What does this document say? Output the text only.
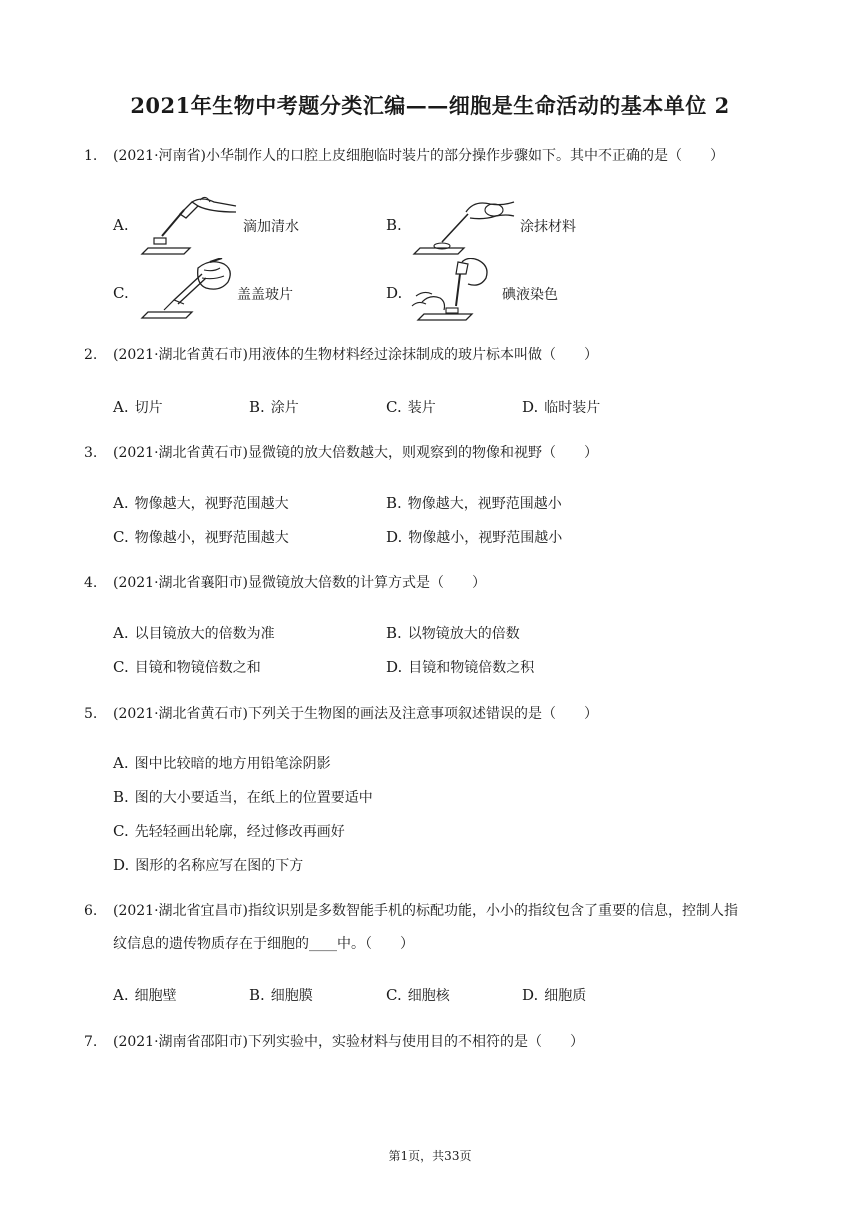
2021年生物中考题分类汇编——细胞是生命活动的基本单位 2
1. (2021·河南省)小华制作人的口腔上皮细胞临时装片的部分操作步骤如下。其中不正确的是（　　）
A.	滴加清水	B.	涂抹材料
C.	盖盖玻片	D.	碘液染色
2. (2021·湖北省黄石市)用液体的生物材料经过涂抹制成的玻片标本叫做（　　）
A. 切片	B. 涂片	C. 装片	D. 临时装片
3. (2021·湖北省黄石市)显微镜的放大倍数越大，则观察到的物像和视野（　　）
A. 物像越大，视野范围越大	B. 物像越大，视野范围越小
C. 物像越小，视野范围越大	D. 物像越小，视野范围越小
4. (2021·湖北省襄阳市)显微镜放大倍数的计算方式是（　　）
A. 以目镜放大的倍数为准	B. 以物镜放大的倍数
C. 目镜和物镜倍数之和	D. 目镜和物镜倍数之积
5. (2021·湖北省黄石市)下列关于生物图的画法及注意事项叙述错误的是（　　）
A. 图中比较暗的地方用铅笔涂阴影
B. 图的大小要适当，在纸上的位置要适中
C. 先轻轻画出轮廓，经过修改再画好
D. 图形的名称应写在图的下方
6. (2021·湖北省宜昌市)指纹识别是多数智能手机的标配功能，小小的指纹包含了重要的信息，控制人指
纹信息的遗传物质存在于细胞的____中。（　　）
A. 细胞壁	B. 细胞膜	C. 细胞核	D. 细胞质
7. (2021·湖南省邵阳市)下列实验中，实验材料与使用目的不相符的是（　　）
第1页，共33页
